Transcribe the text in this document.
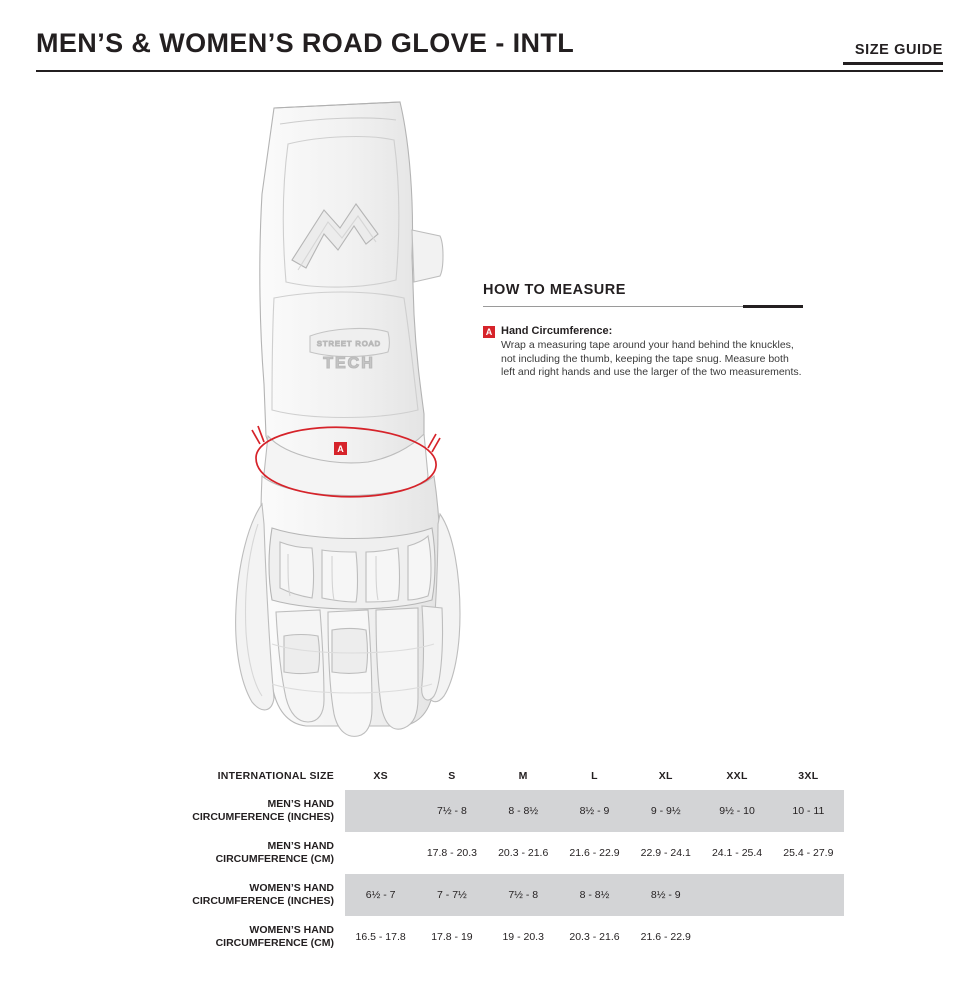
MEN’S & WOMEN’S ROAD GLOVE - INTL	SIZE GUIDE
STREET ROAD
TECH
A
HOW TO MEASURE
A Hand Circumference:
Wrap a measuring tape around your hand behind the knuckles, not including the thumb, keeping the tape snug. Measure both left and right hands and use the larger of the two measurements.
INTERNATIONAL SIZE	XS	S	M	L	XL	XXL	3XL
MEN’S HAND
CIRCUMFERENCE (INCHES)		7½ - 8	8 - 8½	8½ - 9	9 - 9½	9½ - 10	10 - 11
MEN’S HAND
CIRCUMFERENCE (CM)		17.8 - 20.3	20.3 - 21.6	21.6 - 22.9	22.9 - 24.1	24.1 - 25.4	25.4 - 27.9
WOMEN’S HAND
CIRCUMFERENCE (INCHES)	6½ - 7	7 - 7½	7½ - 8	8 - 8½	8½ - 9		
WOMEN’S HAND
CIRCUMFERENCE (CM)	16.5 - 17.8	17.8 - 19	19 - 20.3	20.3 - 21.6	21.6 - 22.9		
